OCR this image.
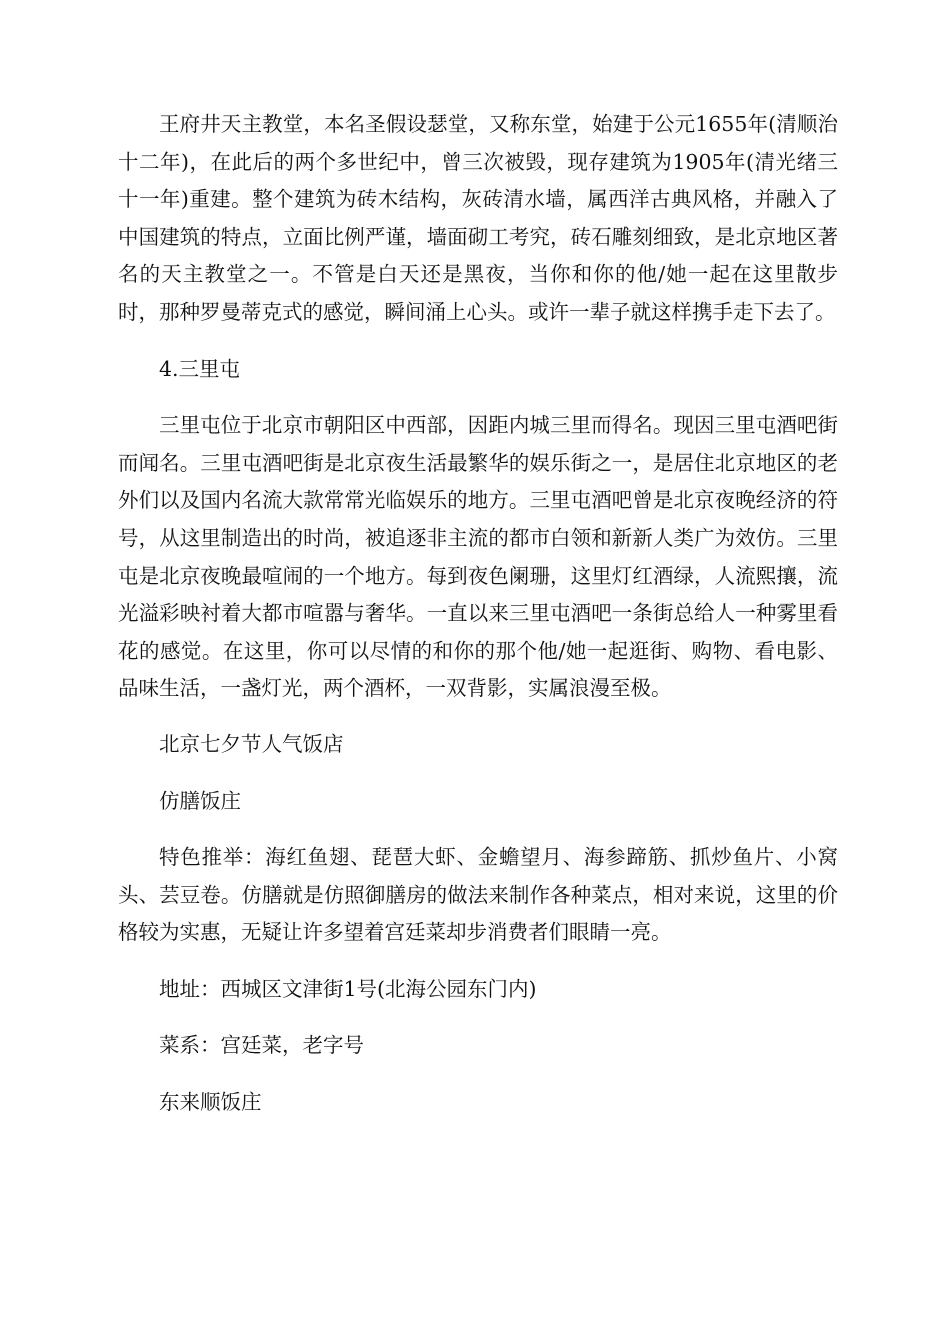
王府井天主教堂，本名圣假设瑟堂，又称东堂，始建于公元1655年(清顺治十二年)，在此后的两个多世纪中，曾三次被毁，现存建筑为1905年(清光绪三十一年)重建。整个建筑为砖木结构，灰砖清水墙，属西洋古典风格，并融入了中国建筑的特点，立面比例严谨，墙面砌工考究，砖石雕刻细致，是北京地区著名的天主教堂之一。不管是白天还是黑夜，当你和你的他/她一起在这里散步时，那种罗曼蒂克式的感觉，瞬间涌上心头。或许一辈子就这样携手走下去了。

4.三里屯

三里屯位于北京市朝阳区中西部，因距内城三里而得名。现因三里屯酒吧街而闻名。三里屯酒吧街是北京夜生活最繁华的娱乐街之一，是居住北京地区的老外们以及国内名流大款常常光临娱乐的地方。三里屯酒吧曾是北京夜晚经济的符号，从这里制造出的时尚，被追逐非主流的都市白领和新新人类广为效仿。三里屯是北京夜晚最喧闹的一个地方。每到夜色阑珊，这里灯红酒绿，人流熙攘，流光溢彩映衬着大都市喧嚣与奢华。一直以来三里屯酒吧一条街总给人一种雾里看花的感觉。在这里，你可以尽情的和你的那个他/她一起逛街、购物、看电影、品味生活，一盏灯光，两个酒杯，一双背影，实属浪漫至极。

北京七夕节人气饭店

仿膳饭庄

特色推举：海红鱼翅、琵琶大虾、金蟾望月、海参蹄筋、抓炒鱼片、小窝头、芸豆卷。仿膳就是仿照御膳房的做法来制作各种菜点，相对来说，这里的价格较为实惠，无疑让许多望着宫廷菜却步消费者们眼睛一亮。

地址：西城区文津街1号(北海公园东门内)

菜系：宫廷菜，老字号

东来顺饭庄
